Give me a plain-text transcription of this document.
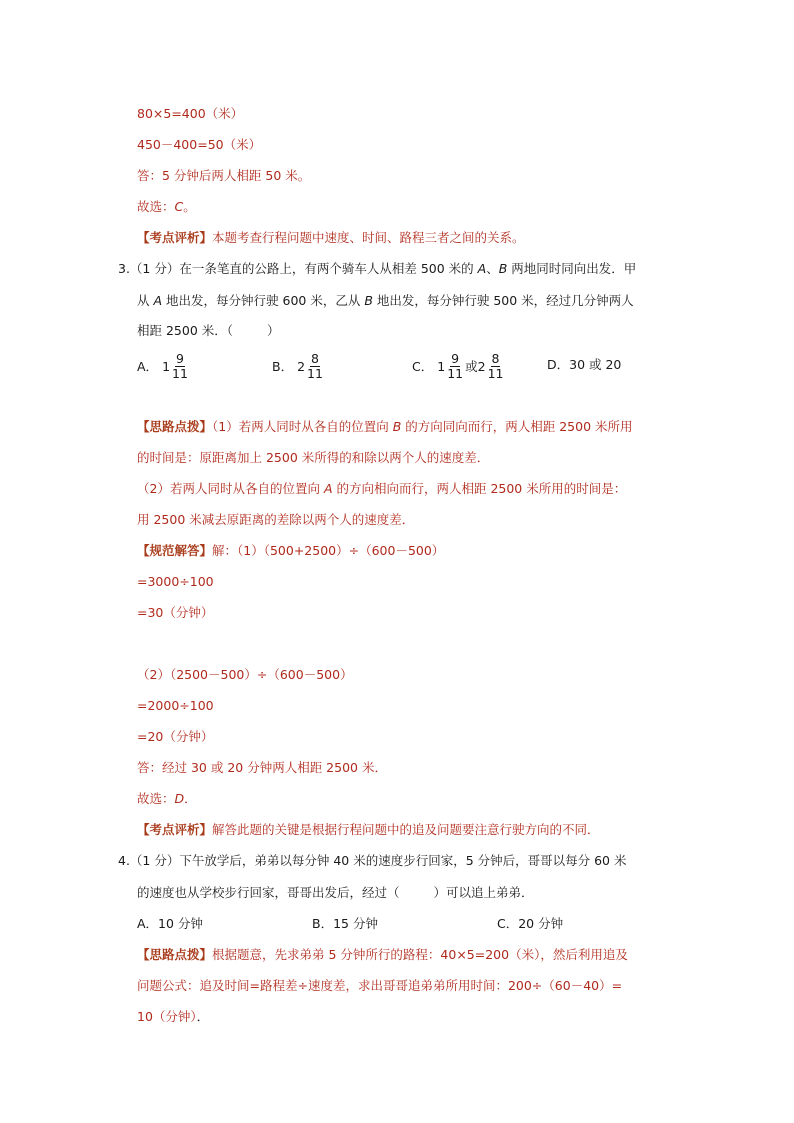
80×5=400（米）
450－400=50（米）
答：5 分钟后两人相距 50 米。
故选：C。
【考点评析】本题考查行程问题中速度、时间、路程三者之间的关系。
3.（1 分）在一条笔直的公路上，有两个骑车人从相差 500 米的 A、B 两地同时同向出发．甲
从 A 地出发，每分钟行驶 600 米，乙从 B 地出发，每分钟行驶 500 米，经过几分钟两人
相距 2500 米．（	）
A． $1 \frac{9}{11}$	B． $2 \frac{8}{11}$	C． $1 \frac{9}{11}$ 或 $2 \frac{8}{11}$	D．30 或 20
【思路点拨】（1）若两人同时从各自的位置向 B 的方向同向而行，两人相距 2500 米所用
的时间是：原距离加上 2500 米所得的和除以两个人的速度差．
（2）若两人同时从各自的位置向 A 的方向相向而行，两人相距 2500 米所用的时间是：
用 2500 米减去原距离的差除以两个人的速度差．
【规范解答】解：（1）（500+2500）÷（600－500）
=3000÷100
=30（分钟）
（2）（2500－500）÷（600－500）
=2000÷100
=20（分钟）
答：经过 30 或 20 分钟两人相距 2500 米．
故选：D．
【考点评析】解答此题的关键是根据行程问题中的追及问题要注意行驶方向的不同．
4.（1 分）下午放学后，弟弟以每分钟 40 米的速度步行回家，5 分钟后，哥哥以每分 60 米
的速度也从学校步行回家，哥哥出发后，经过（	）可以追上弟弟．
A．10 分钟	B．15 分钟	C．20 分钟
【思路点拨】根据题意，先求弟弟 5 分钟所行的路程：40×5=200（米），然后利用追及
问题公式：追及时间=路程差÷速度差，求出哥哥追弟弟所用时间：200÷（60－40）=
10（分钟）．
